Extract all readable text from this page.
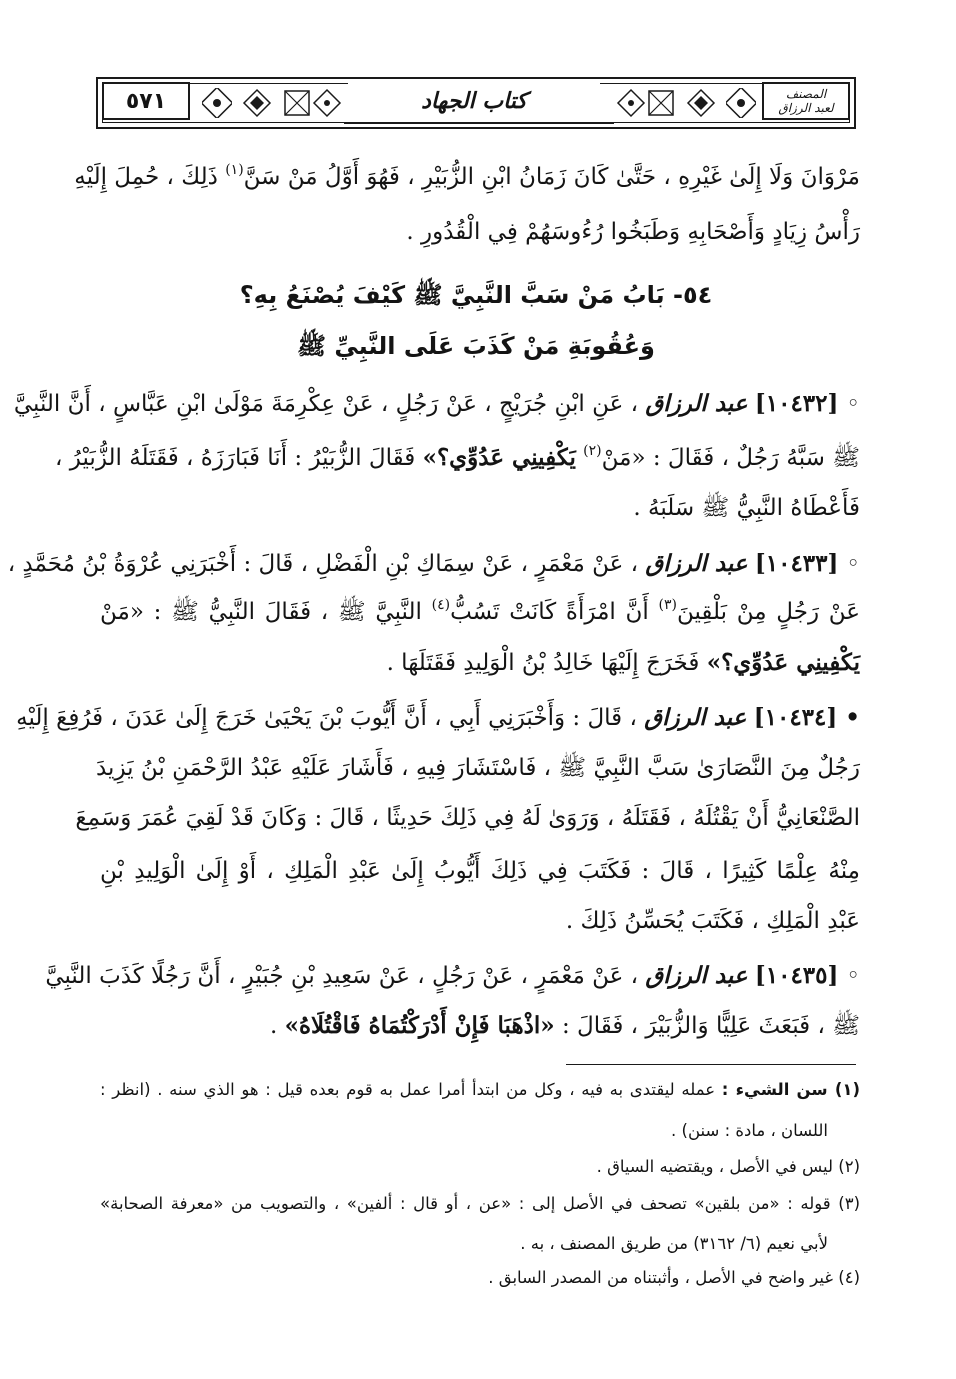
٥٧١	كتاب الجهاد	المصنف
لعبد الرزاق
مَرْوَانَ وَلَا إِلَىٰ غَيْرِهِ ، حَتَّىٰ كَانَ زَمَانُ ابْنِ الزُّبَيْرِ ، فَهُوَ أَوَّلُ مَنْ سَنَّ$^{(١)}$ ذَلِكَ ، حُمِلَ إِلَيْهِ
رَأْسُ زِيَادٍ وَأَصْحَابِهِ وَطَبَخُوا رُءُوسَهُمْ فِي الْقُدُورِ .
٥٤- بَابُ مَنْ سَبَّ النَّبِيَّ ﷺ كَيْفَ يُصْنَعُ بِهِ؟
وَعُقُوبَةِ مَنْ كَذَبَ عَلَى النَّبِيِّ ﷺ
◦ [١٠٤٣٢] عبد الرزاق ، عَنِ ابْنِ جُرَيْجٍ ، عَنْ رَجُلٍ ، عَنْ عِكْرِمَةَ مَوْلَىٰ ابْنِ عَبَّاسٍ ، أَنَّ النَّبِيَّ
ﷺ سَبَّهُ رَجُلٌ ، فَقَالَ : «مَنْ$^{(٢)}$ يَكْفِينِي عَدُوِّي؟» فَقَالَ الزُّبَيْرُ : أَنَا فَبَارَزَهُ ، فَقَتَلَهُ الزُّبَيْرُ ،
فَأَعْطَاهُ النَّبِيُّ ﷺ سَلَبَهُ .
◦ [١٠٤٣٣] عبد الرزاق ، عَنْ مَعْمَرٍ ، عَنْ سِمَاكِ بْنِ الْفَضْلِ ، قَالَ : أَخْبَرَنِي عُرْوَةُ بْنُ مُحَمَّدٍ ،
عَنْ رَجُلٍ مِنْ بَلْقِينَ$^{(٣)}$ أَنَّ امْرَأَةً كَانَتْ تَسُبُّ$^{(٤)}$ النَّبِيَّ ﷺ ، فَقَالَ النَّبِيُّ ﷺ : «مَنْ
يَكْفِينِي عَدُوِّي؟» فَخَرَجَ إِلَيْهَا خَالِدُ بْنُ الْوَلِيدِ فَقَتَلَهَا .
• [١٠٤٣٤] عبد الرزاق ، قَالَ : وَأَخْبَرَنِي أَبِي ، أَنَّ أَيُّوبَ بْنَ يَحْيَىٰ خَرَجَ إِلَىٰ عَدَنَ ، فَرُفِعَ إِلَيْهِ
رَجُلٌ مِنَ النَّصَارَىٰ سَبَّ النَّبِيَّ ﷺ ، فَاسْتَشَارَ فِيهِ ، فَأَشَارَ عَلَيْهِ عَبْدُ الرَّحْمَنِ بْنُ يَزِيدَ
الصَّنْعَانِيُّ أَنْ يَقْتُلَهُ ، فَقَتَلَهُ ، وَرَوَىٰ لَهُ فِي ذَلِكَ حَدِيثًا ، قَالَ : وَكَانَ قَدْ لَقِيَ عُمَرَ وَسَمِعَ
مِنْهُ عِلْمًا كَثِيرًا ، قَالَ : فَكَتَبَ فِي ذَلِكَ أَيُّوبُ إِلَىٰ عَبْدِ الْمَلِكِ ، أَوْ إِلَىٰ الْوَلِيدِ بْنِ
عَبْدِ الْمَلِكِ ، فَكَتَبَ يُحَسِّنُ ذَلِكَ .
◦ [١٠٤٣٥] عبد الرزاق ، عَنْ مَعْمَرٍ ، عَنْ رَجُلٍ ، عَنْ سَعِيدِ بْنِ جُبَيْرٍ ، أَنَّ رَجُلًا كَذَبَ النَّبِيَّ
ﷺ ، فَبَعَثَ عَلِيًّا وَالزُّبَيْرَ ، فَقَالَ : «اذْهَبَا فَإِنْ أَدْرَكْتُمَاهُ فَاقْتُلَاهُ» .
(١) سن الشيء : عمله ليقتدى به فيه ، وكل من ابتدأ أمرا عمل به قوم بعده قيل : هو الذي سنه . (انظر :
اللسان ، مادة : سنن) .
(٢) ليس في الأصل ، ويقتضيه السياق .
(٣) قوله : «من بلقين» تصحف في الأصل إلى : «عن ، أو قال : ألفين» ، والتصويب من «معرفة الصحابة»
لأبي نعيم (٦/ ٣١٦٢) من طريق المصنف ، به .
(٤) غير واضح في الأصل ، وأثبتناه من المصدر السابق .
